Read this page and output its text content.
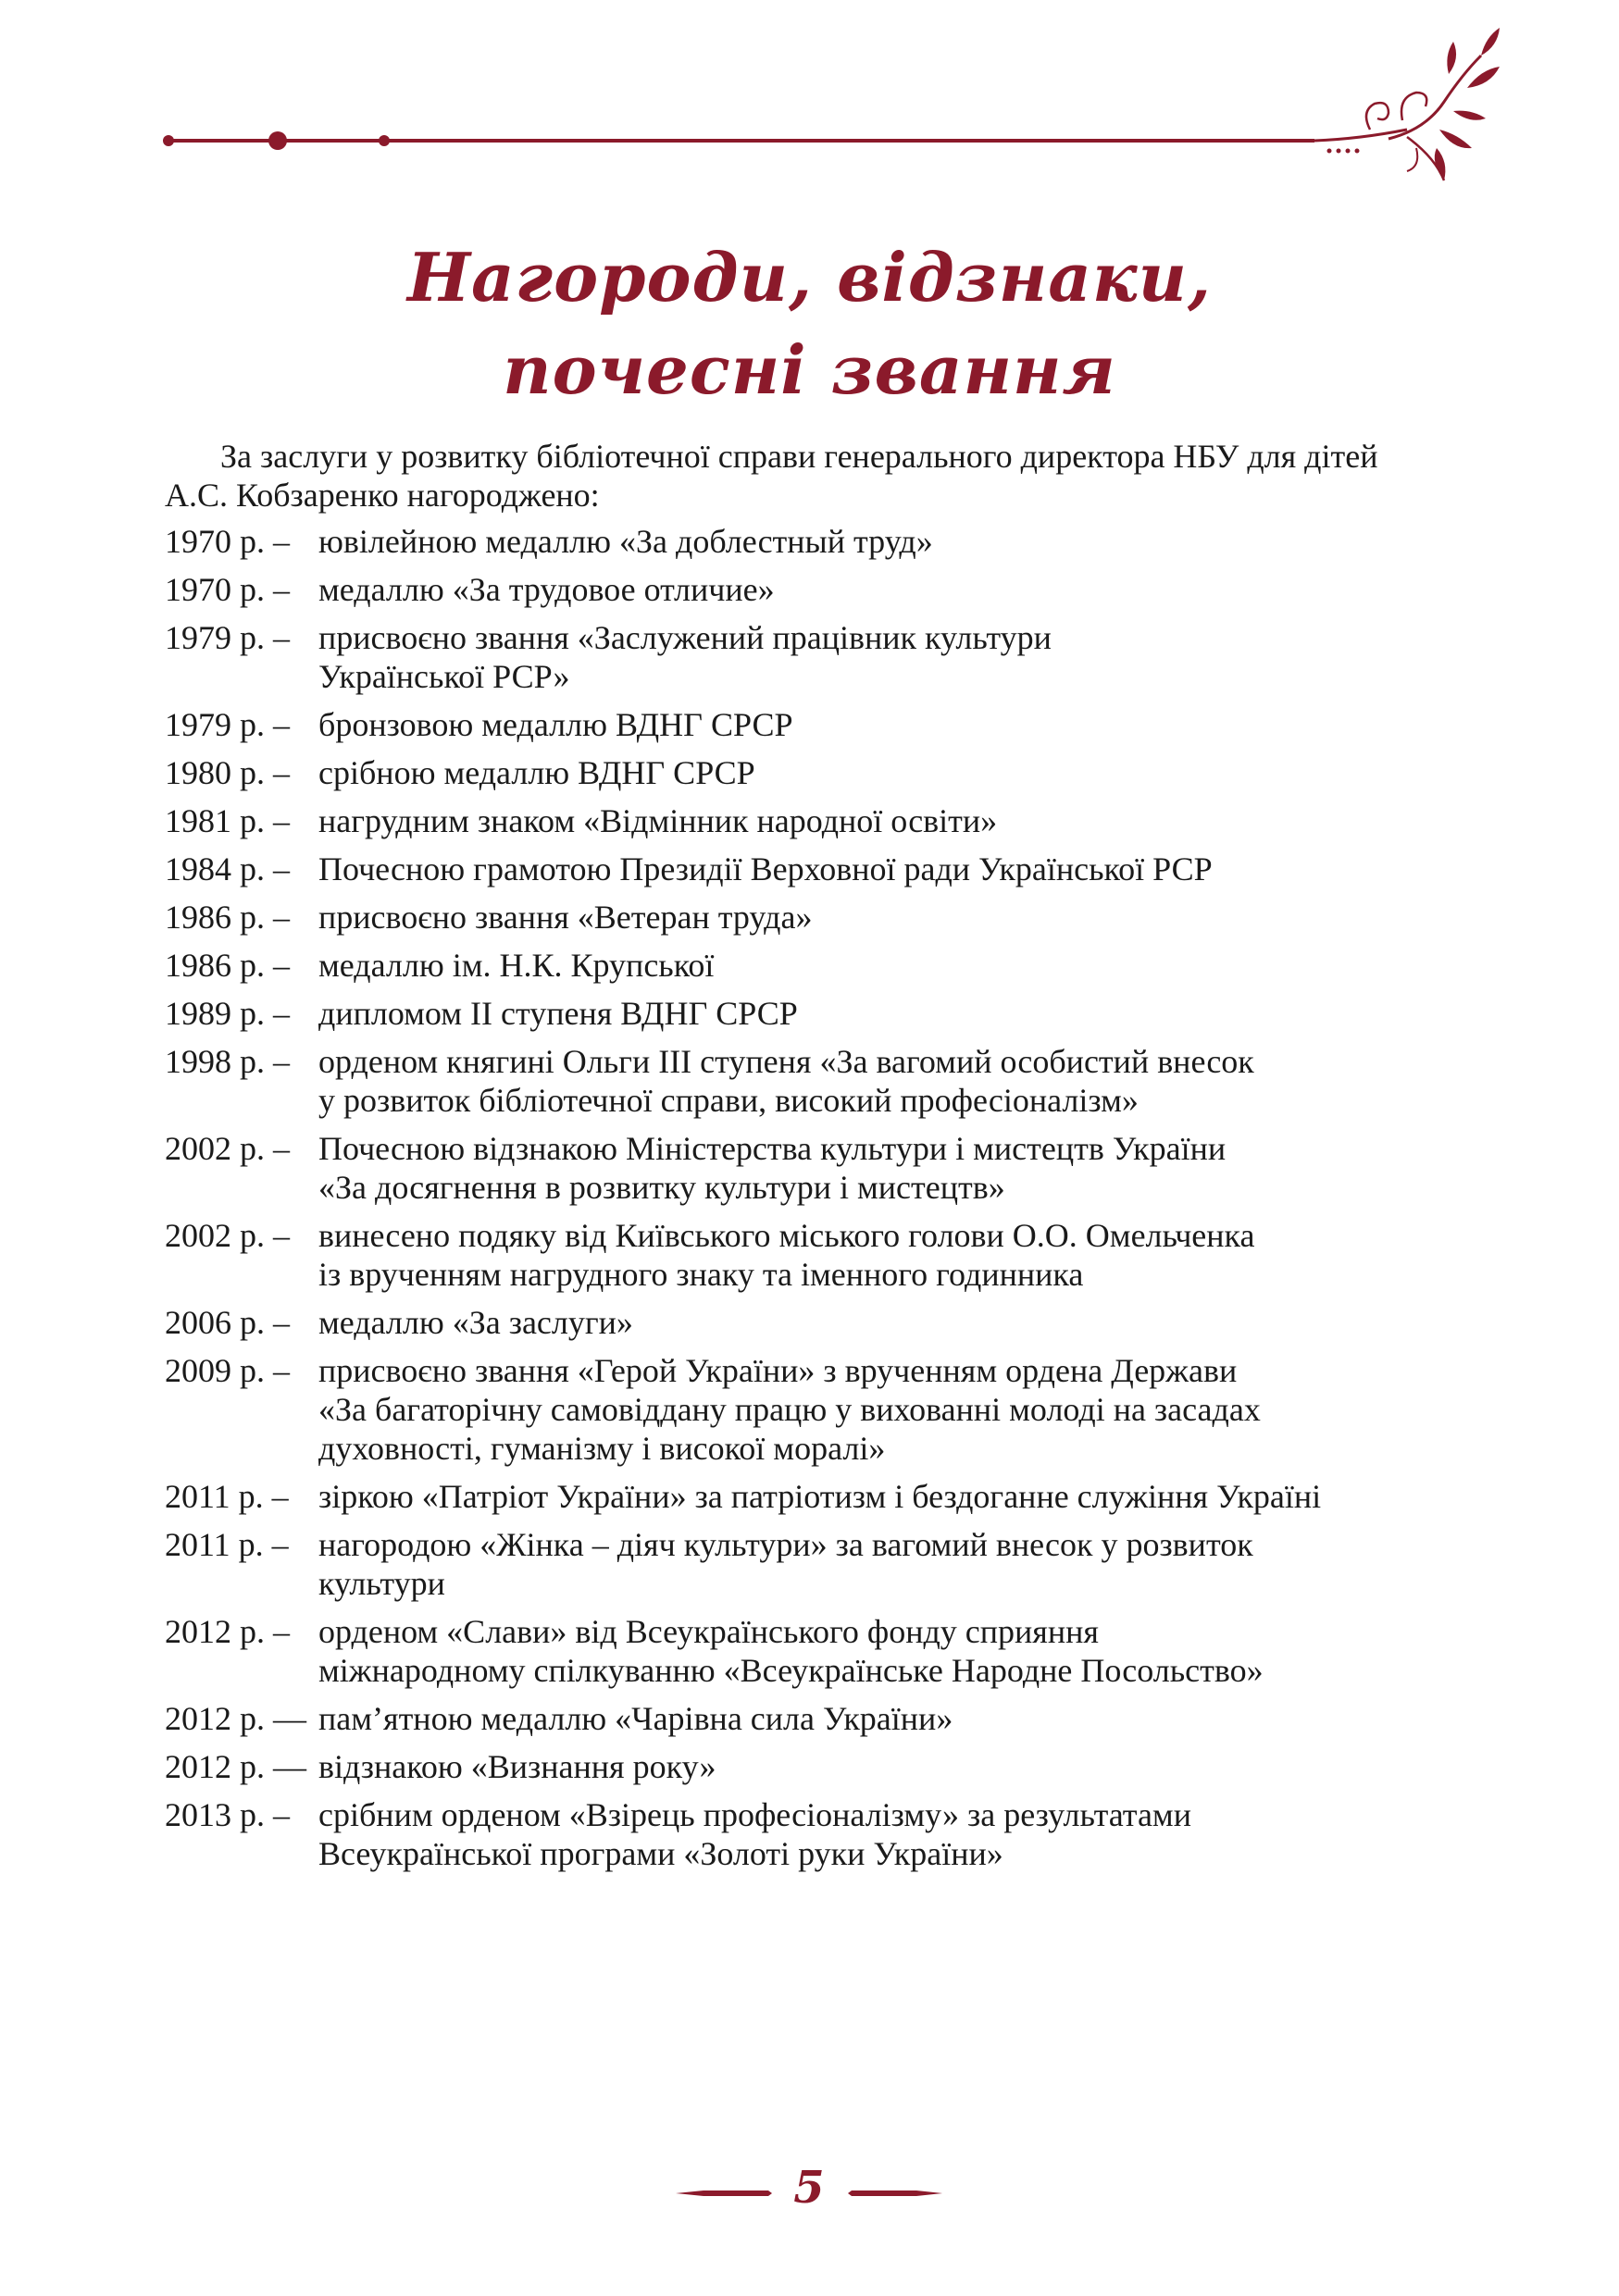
Нагороди, відзнаки,
почесні звання

За заслуги у розвитку бібліотечної справи генерального директора НБУ для дітей А.С. Кобзаренко нагороджено:

1970 р. – ювілейною медаллю «За доблестный труд»
1970 р. – медаллю «За трудовое отличие»
1979 р. – присвоєно звання «Заслужений працівник культури
Української РСР»
1979 р. – бронзовою медаллю ВДНГ СРСР
1980 р. – срібною медаллю ВДНГ СРСР
1981 р. – нагрудним знаком «Відмінник народної освіти»
1984 р. – Почесною грамотою Президії Верховної ради Української РСР
1986 р. – присвоєно звання «Ветеран труда»
1986 р. – медаллю ім. Н.К. Крупської
1989 р. – дипломом ІІ ступеня ВДНГ СРСР
1998 р. – орденом княгині Ольги ІІІ ступеня «За вагомий особистий внесок
у розвиток бібліотечної справи, високий професіоналізм»
2002 р. – Почесною відзнакою Міністерства культури і мистецтв України
«За досягнення в розвитку культури і мистецтв»
2002 р. – винесено подяку від Київського міського голови О.О. Омельченка
із врученням нагрудного знаку та іменного годинника
2006 р. – медаллю «За заслуги»
2009 р. – присвоєно звання «Герой України» з врученням ордена Держави
«За багаторічну самовіддану працю у вихованні молоді на засадах
духовності, гуманізму і високої моралі»
2011 р. – зіркою «Патріот України» за патріотизм і бездоганне служіння Україні
2011 р. – нагородою «Жінка – діяч культури» за вагомий внесок у розвиток
культури
2012 р. – орденом «Слави» від Всеукраїнського фонду сприяння
міжнародному спілкуванню «Всеукраїнське Народне Посольство»
2012 р. — пам’ятною медаллю «Чарівна сила України»
2012 р. — відзнакою «Визнання року»
2013 р. – срібним орденом «Взірець професіоналізму» за результатами
Всеукраїнської програми «Золоті руки України»
5
